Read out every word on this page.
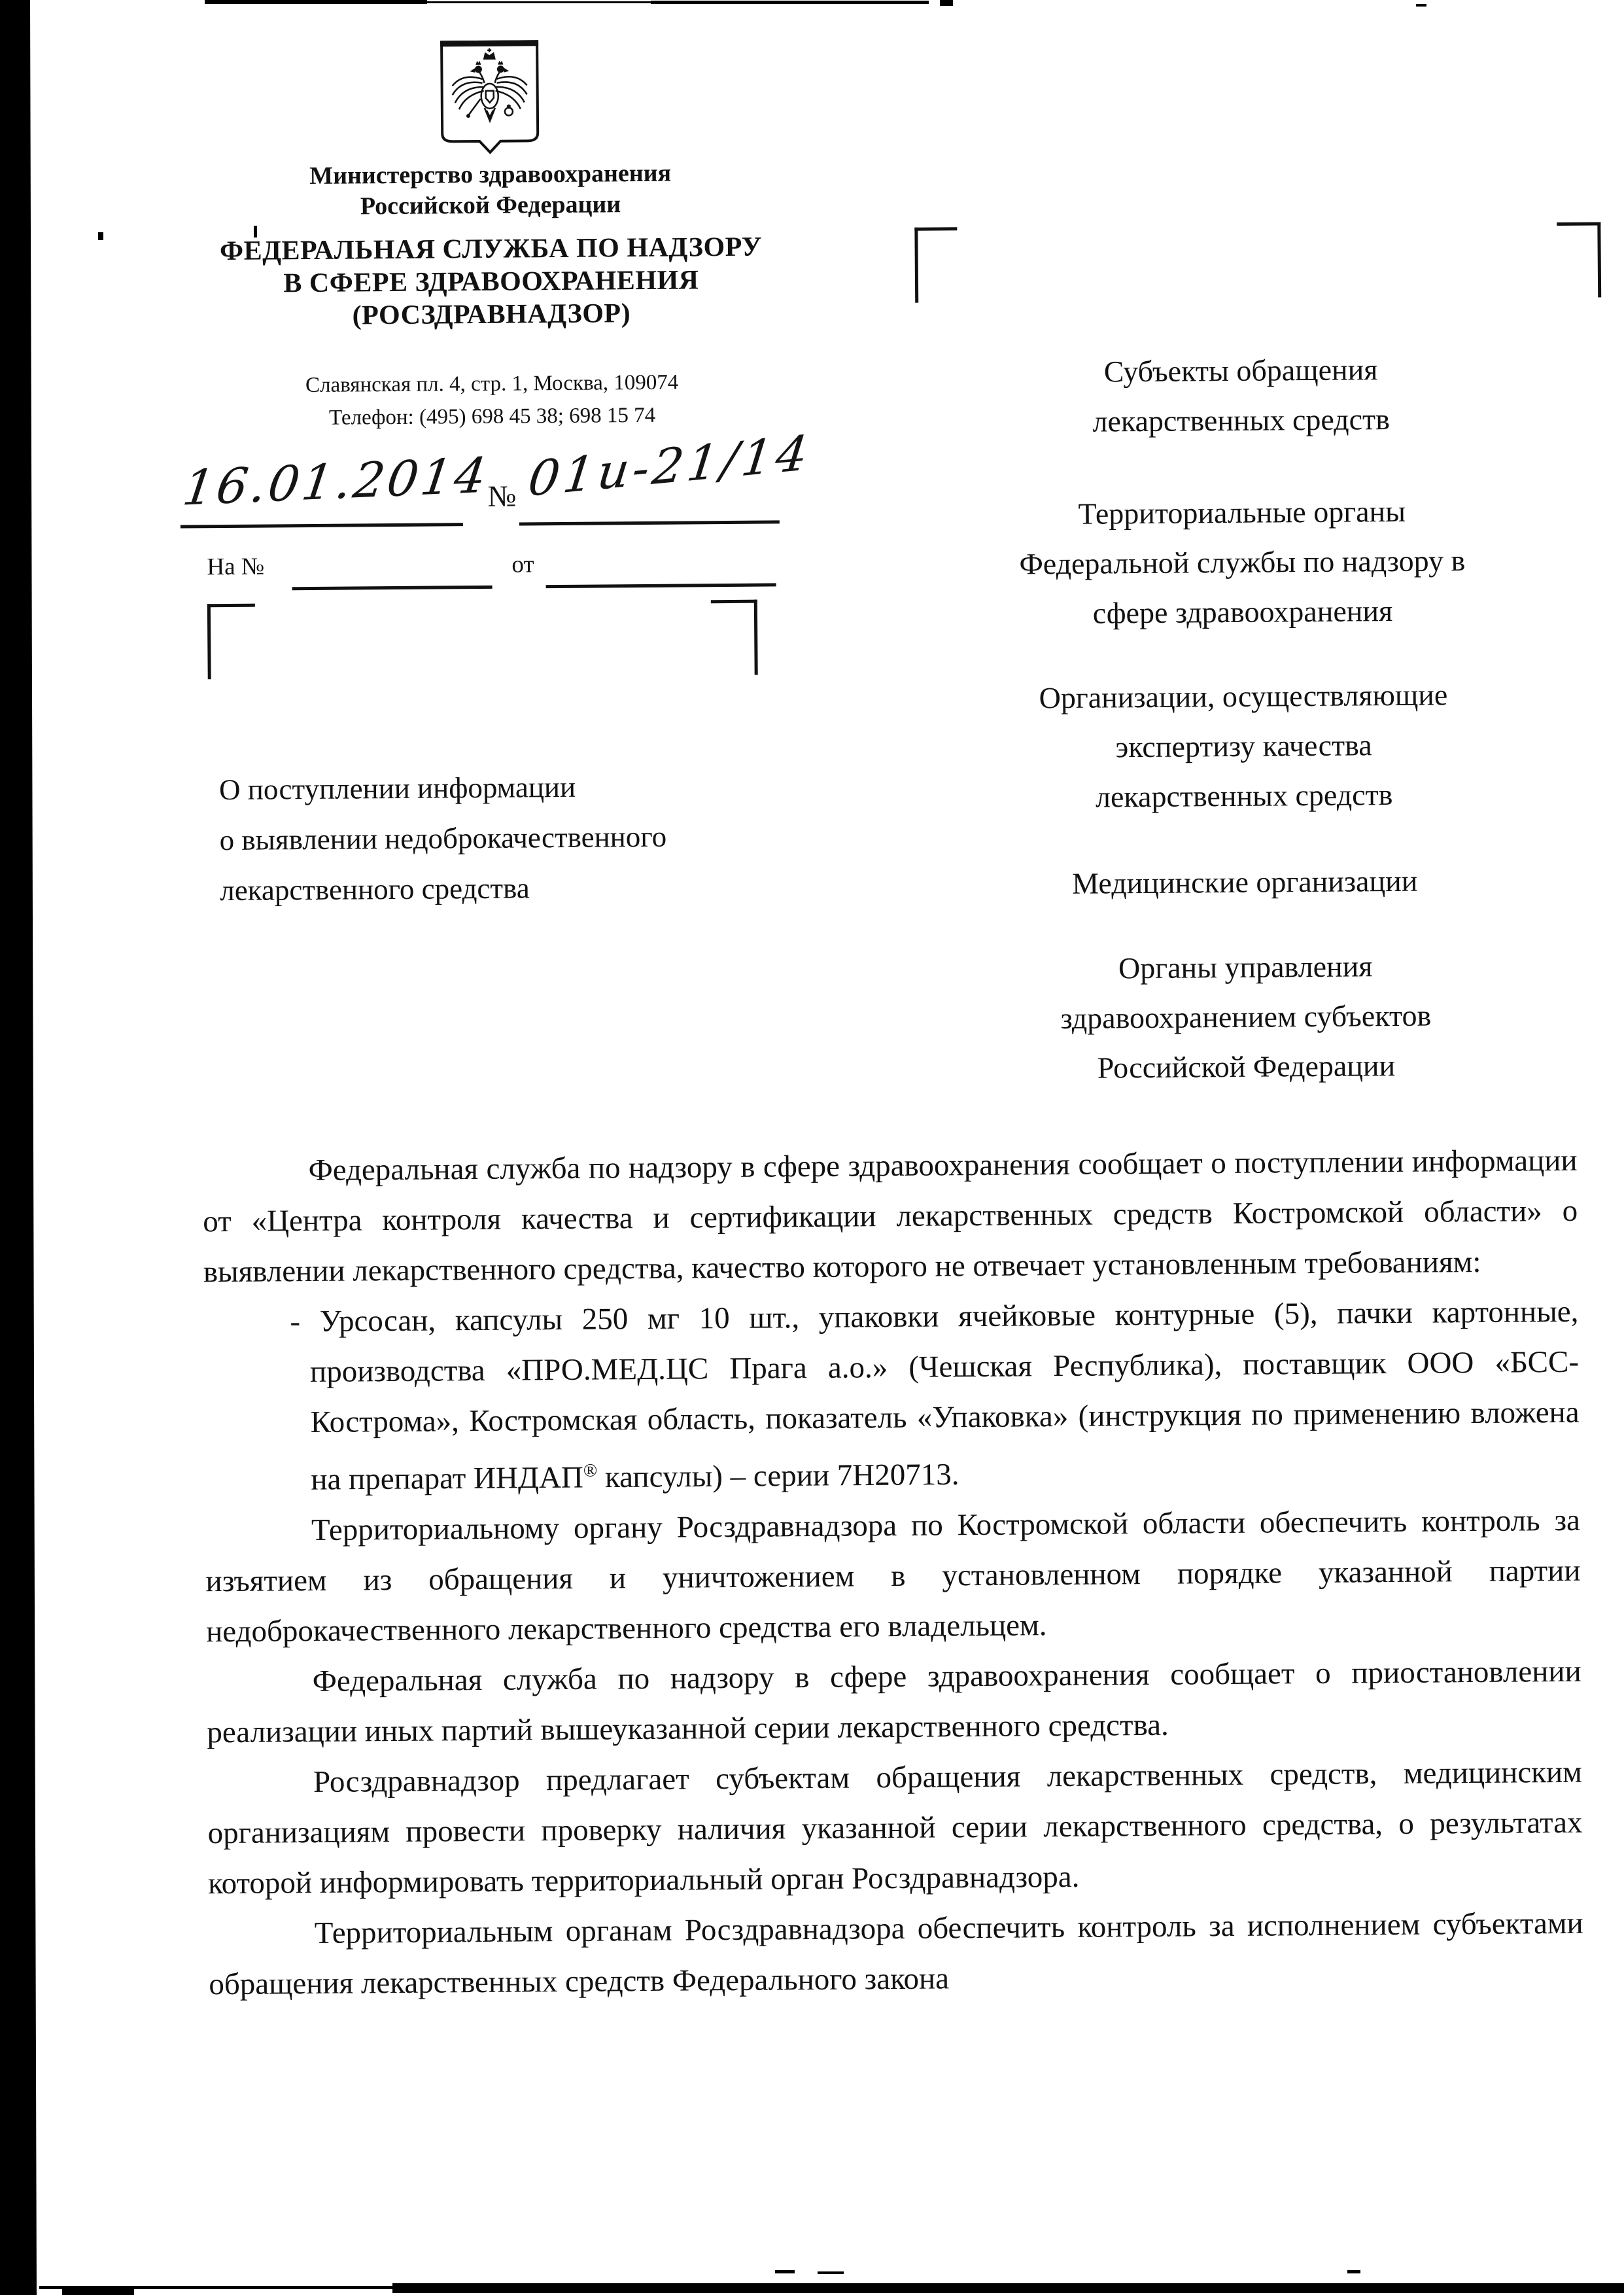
Министерство здравоохранения
Российской Федерации
ФЕДЕРАЛЬНАЯ СЛУЖБА ПО НАДЗОРУ
В СФЕРЕ ЗДРАВООХРАНЕНИЯ
(РОСЗДРАВНАДЗОР)
Славянская пл. 4, стр. 1, Москва, 109074
Телефон: (495) 698 45 38; 698 15 74
16.01.2014
№ 01и-21/14
На №	от
Субъекты обращения
лекарственных средств
Территориальные органы
Федеральной службы по надзору в
сфере здравоохранения
Организации, осуществляющие
экспертизу качества
лекарственных средств
Медицинские организации
Органы управления
здравоохранением субъектов
Российской Федерации
О поступлении информации
о выявлении недоброкачественного
лекарственного средства

Федеральная служба по надзору в сфере здравоохранения сообщает о поступлении информации от «Центра контроля качества и сертификации лекарственных средств Костромской области» о выявлении лекарственного средства, качество которого не отвечает установленным требованиям:

- Урсосан, капсулы 250 мг 10 шт., упаковки ячейковые контурные (5), пачки картонные, производства «ПРО.МЕД.ЦС Прага а.о.» (Чешская Республика), поставщик ООО «БСС-Кострома», Костромская область, показатель «Упаковка» (инструкция по применению вложена на препарат ИНДАП® капсулы) – серии 7Н20713.

Территориальному органу Росздравнадзора по Костромской области обеспечить контроль за изъятием из обращения и уничтожением в установленном порядке указанной партии недоброкачественного лекарственного средства его владельцем.

Федеральная служба по надзору в сфере здравоохранения сообщает о приостановлении реализации иных партий вышеуказанной серии лекарственного средства.

Росздравнадзор предлагает субъектам обращения лекарственных средств, медицинским организациям провести проверку наличия указанной серии лекарственного средства, о результатах которой информировать территориальный орган Росздравнадзора.

Территориальным органам Росздравнадзора обеспечить контроль за исполнением субъектами обращения лекарственных средств Федерального закона
